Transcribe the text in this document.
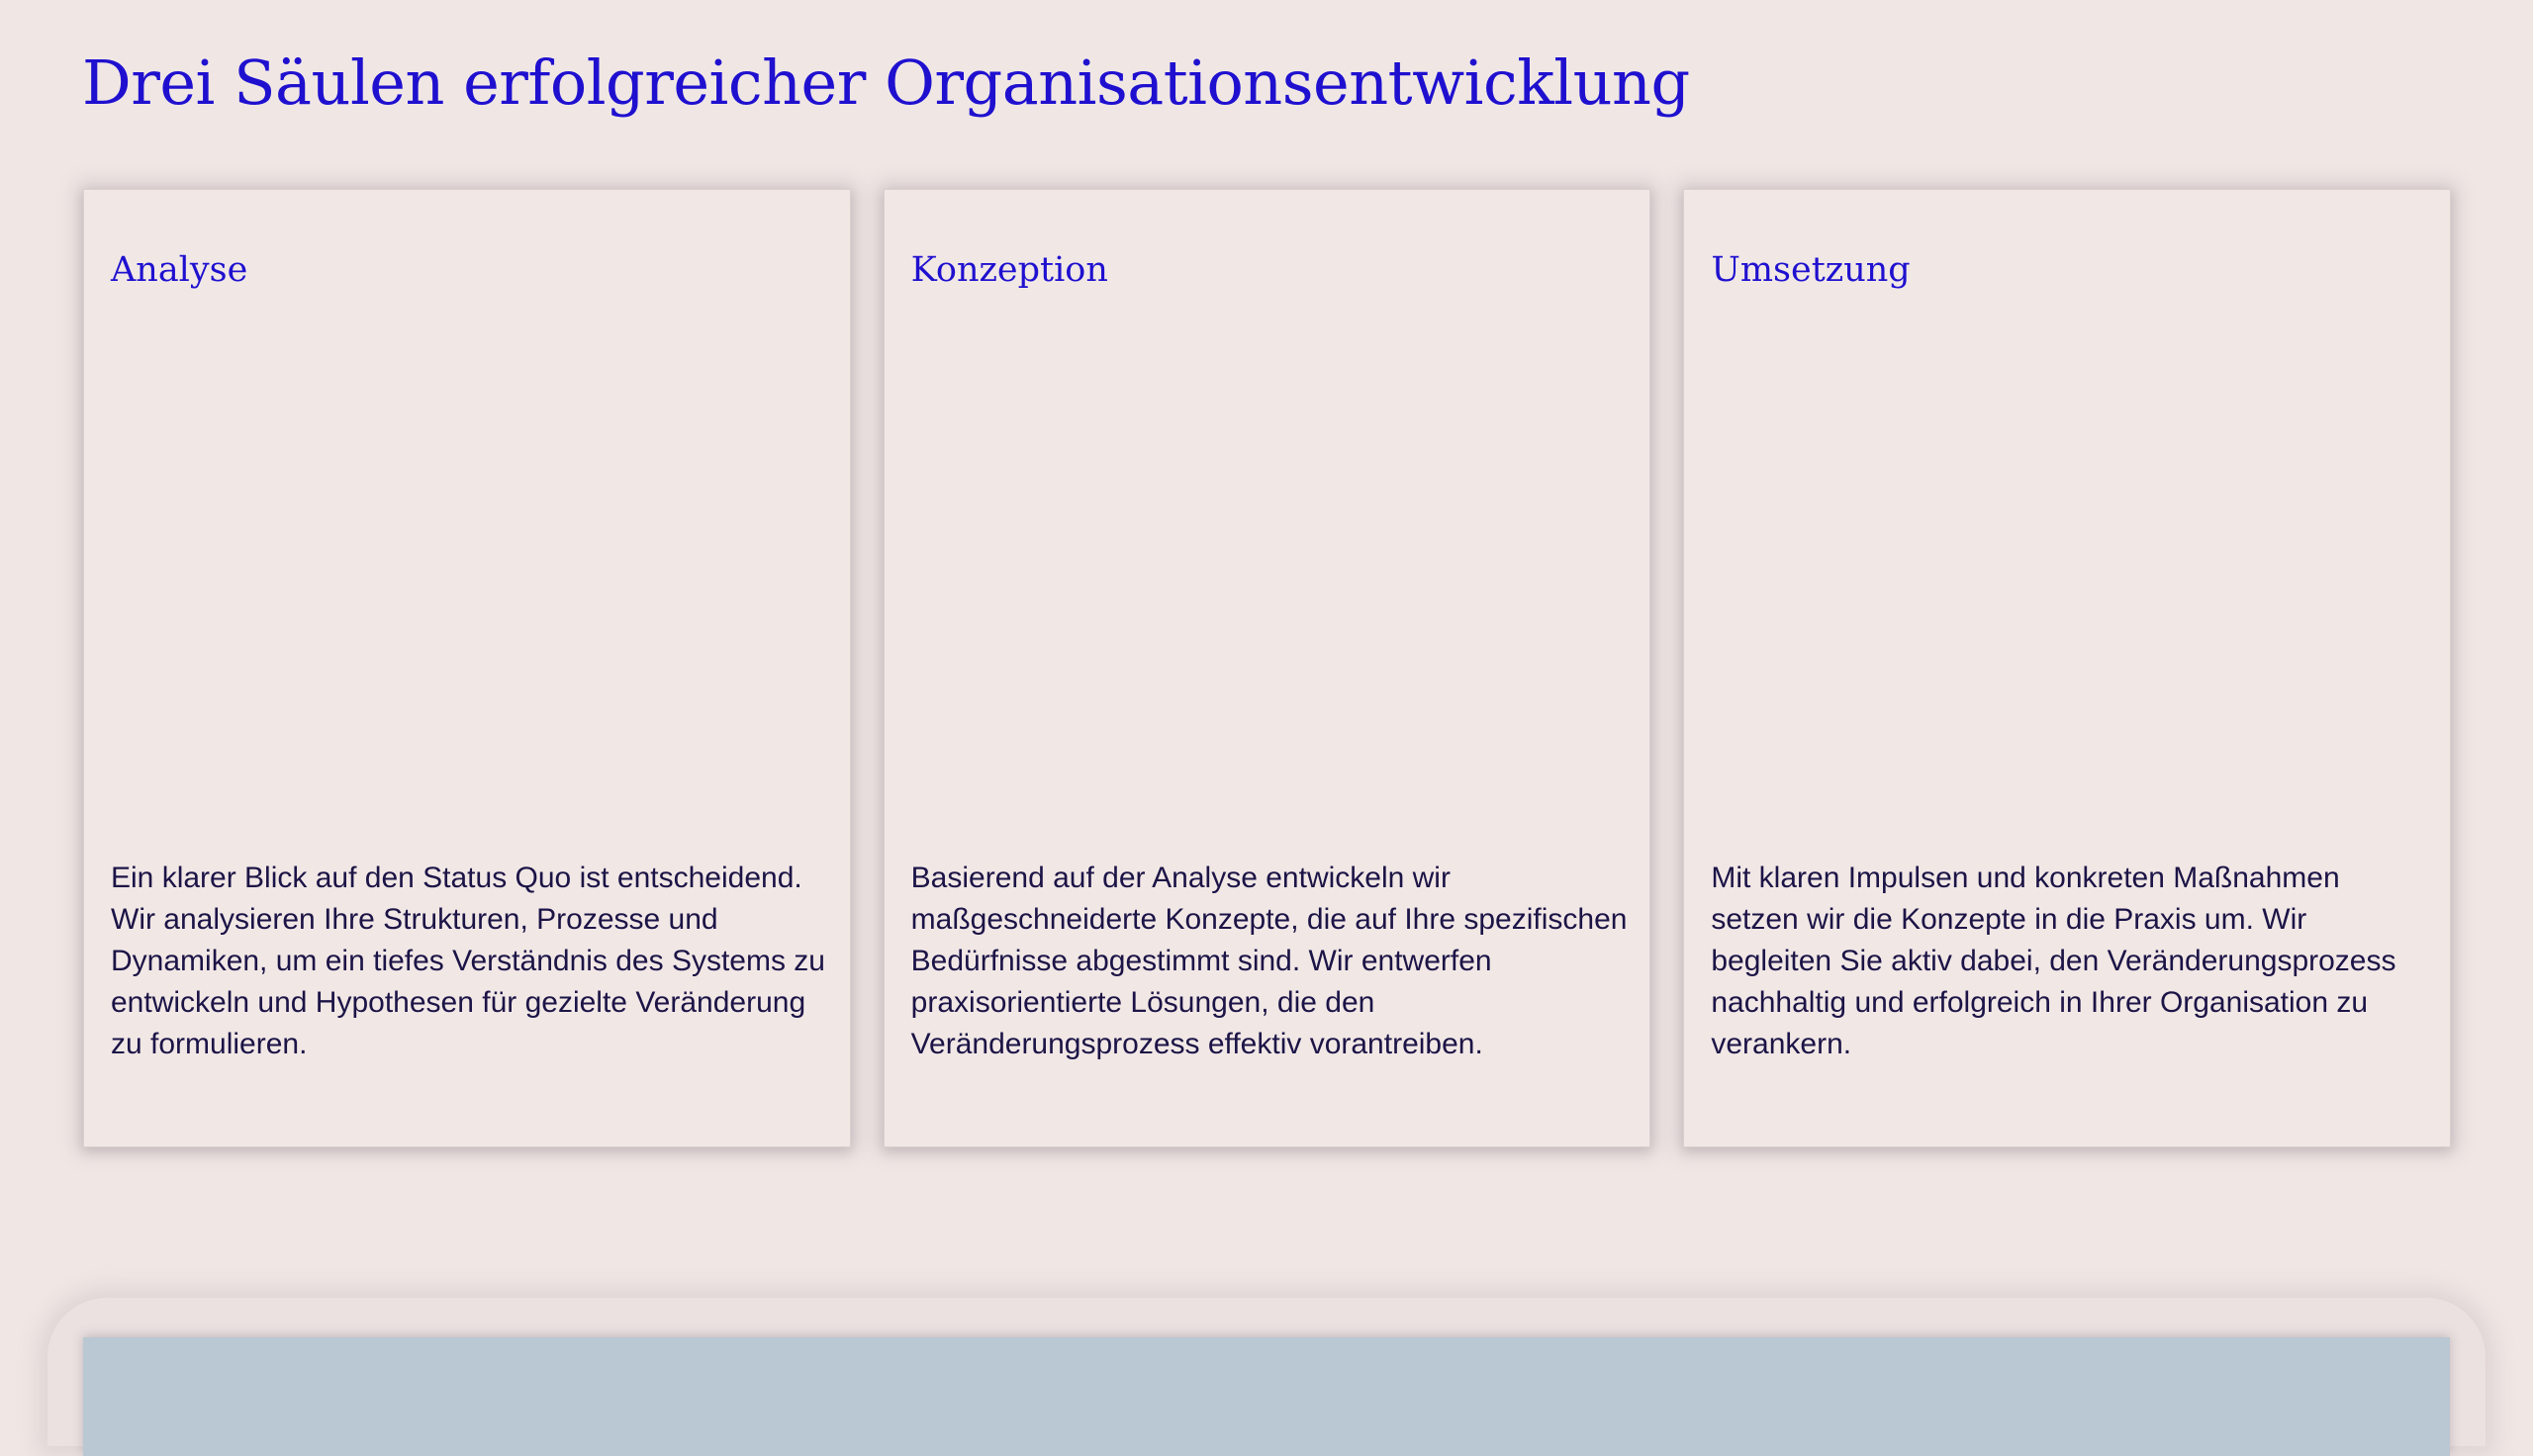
Drei Säulen erfolgreicher Organisationsentwicklung
Analyse

Ein klarer Blick auf den Status Quo ist entscheidend. Wir analysieren Ihre Strukturen, Prozesse und Dynamiken, um ein tiefes Verständnis des Systems zu entwickeln und Hypothesen für gezielte Veränderung zu formulieren.

Konzeption

Basierend auf der Analyse entwickeln wir maßgeschneiderte Konzepte, die auf Ihre spezifischen Bedürfnisse abgestimmt sind. Wir entwerfen praxisorientierte Lösungen, die den Veränderungsprozess effektiv vorantreiben.

Umsetzung

Mit klaren Impulsen und konkreten Maßnahmen setzen wir die Konzepte in die Praxis um. Wir begleiten Sie aktiv dabei, den Veränderungsprozess nachhaltig und erfolgreich in Ihrer Organisation zu verankern.
